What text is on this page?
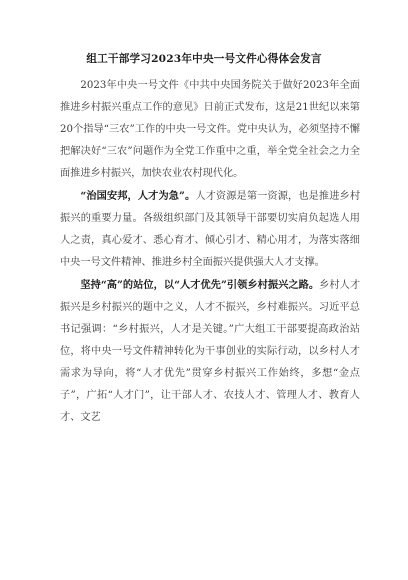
组工干部学习2023年中央一号文件心得体会发言

2023年中央一号文件《中共中央国务院关于做好2023年全面推进乡村振兴重点工作的意见》日前正式发布，这是21世纪以来第20个指导“三农”工作的中央一号文件。党中央认为，必须坚持不懈把解决好“三农”问题作为全党工作重中之重，举全党全社会之力全面推进乡村振兴，加快农业农村现代化。

“治国安邦，人才为急”。人才资源是第一资源，也是推进乡村振兴的重要力量。各级组织部门及其领导干部要切实肩负起选人用人之责，真心爱才、悉心育才、倾心引才、精心用才，为落实落细中央一号文件精神、推进乡村全面振兴提供强大人才支撑。

坚持“高”的站位，以“人才优先”引领乡村振兴之路。乡村人才振兴是乡村振兴的题中之义，人才不振兴，乡村难振兴。习近平总书记强调：“乡村振兴，人才是关键。”广大组工干部要提高政治站位，将中央一号文件精神转化为干事创业的实际行动，以乡村人才需求为导向，将“人才优先”贯穿乡村振兴工作始终，多想“金点子”，广拓“人才门”，让干部人才、农技人才、管理人才、教育人才、文艺
